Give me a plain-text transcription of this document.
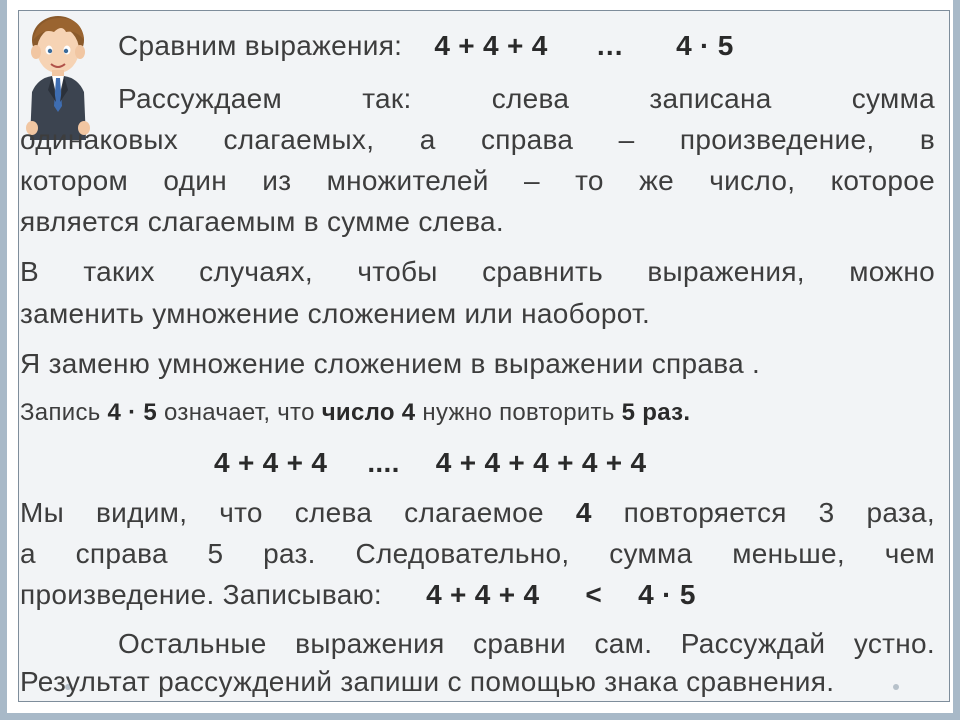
Сравним выражения: 4 + 4 + 4 … 4 · 5
Рассуждаем так: слева записана сумма
одинаковых слагаемых, а справа – произведение, в
котором один из множителей – то же число, которое
является слагаемым в сумме слева.
В таких случаях, чтобы сравнить выражения, можно
заменить умножение сложением или наоборот.
Я заменю умножение сложением в выражении справа .
Запись 4 · 5 означает, что число 4 нужно повторить 5 раз.
4 + 4 + 4 .... 4 + 4 + 4 + 4 + 4
Мы видим, что слева слагаемое 4 повторяется 3 раза,
а справа 5 раз. Следовательно, сумма меньше, чем
произведение. Записываю: 4 + 4 + 4 < 4 · 5
Остальные выражения сравни сам. Рассуждай устно.
Результат рассуждений запиши с помощью знака сравнения.
